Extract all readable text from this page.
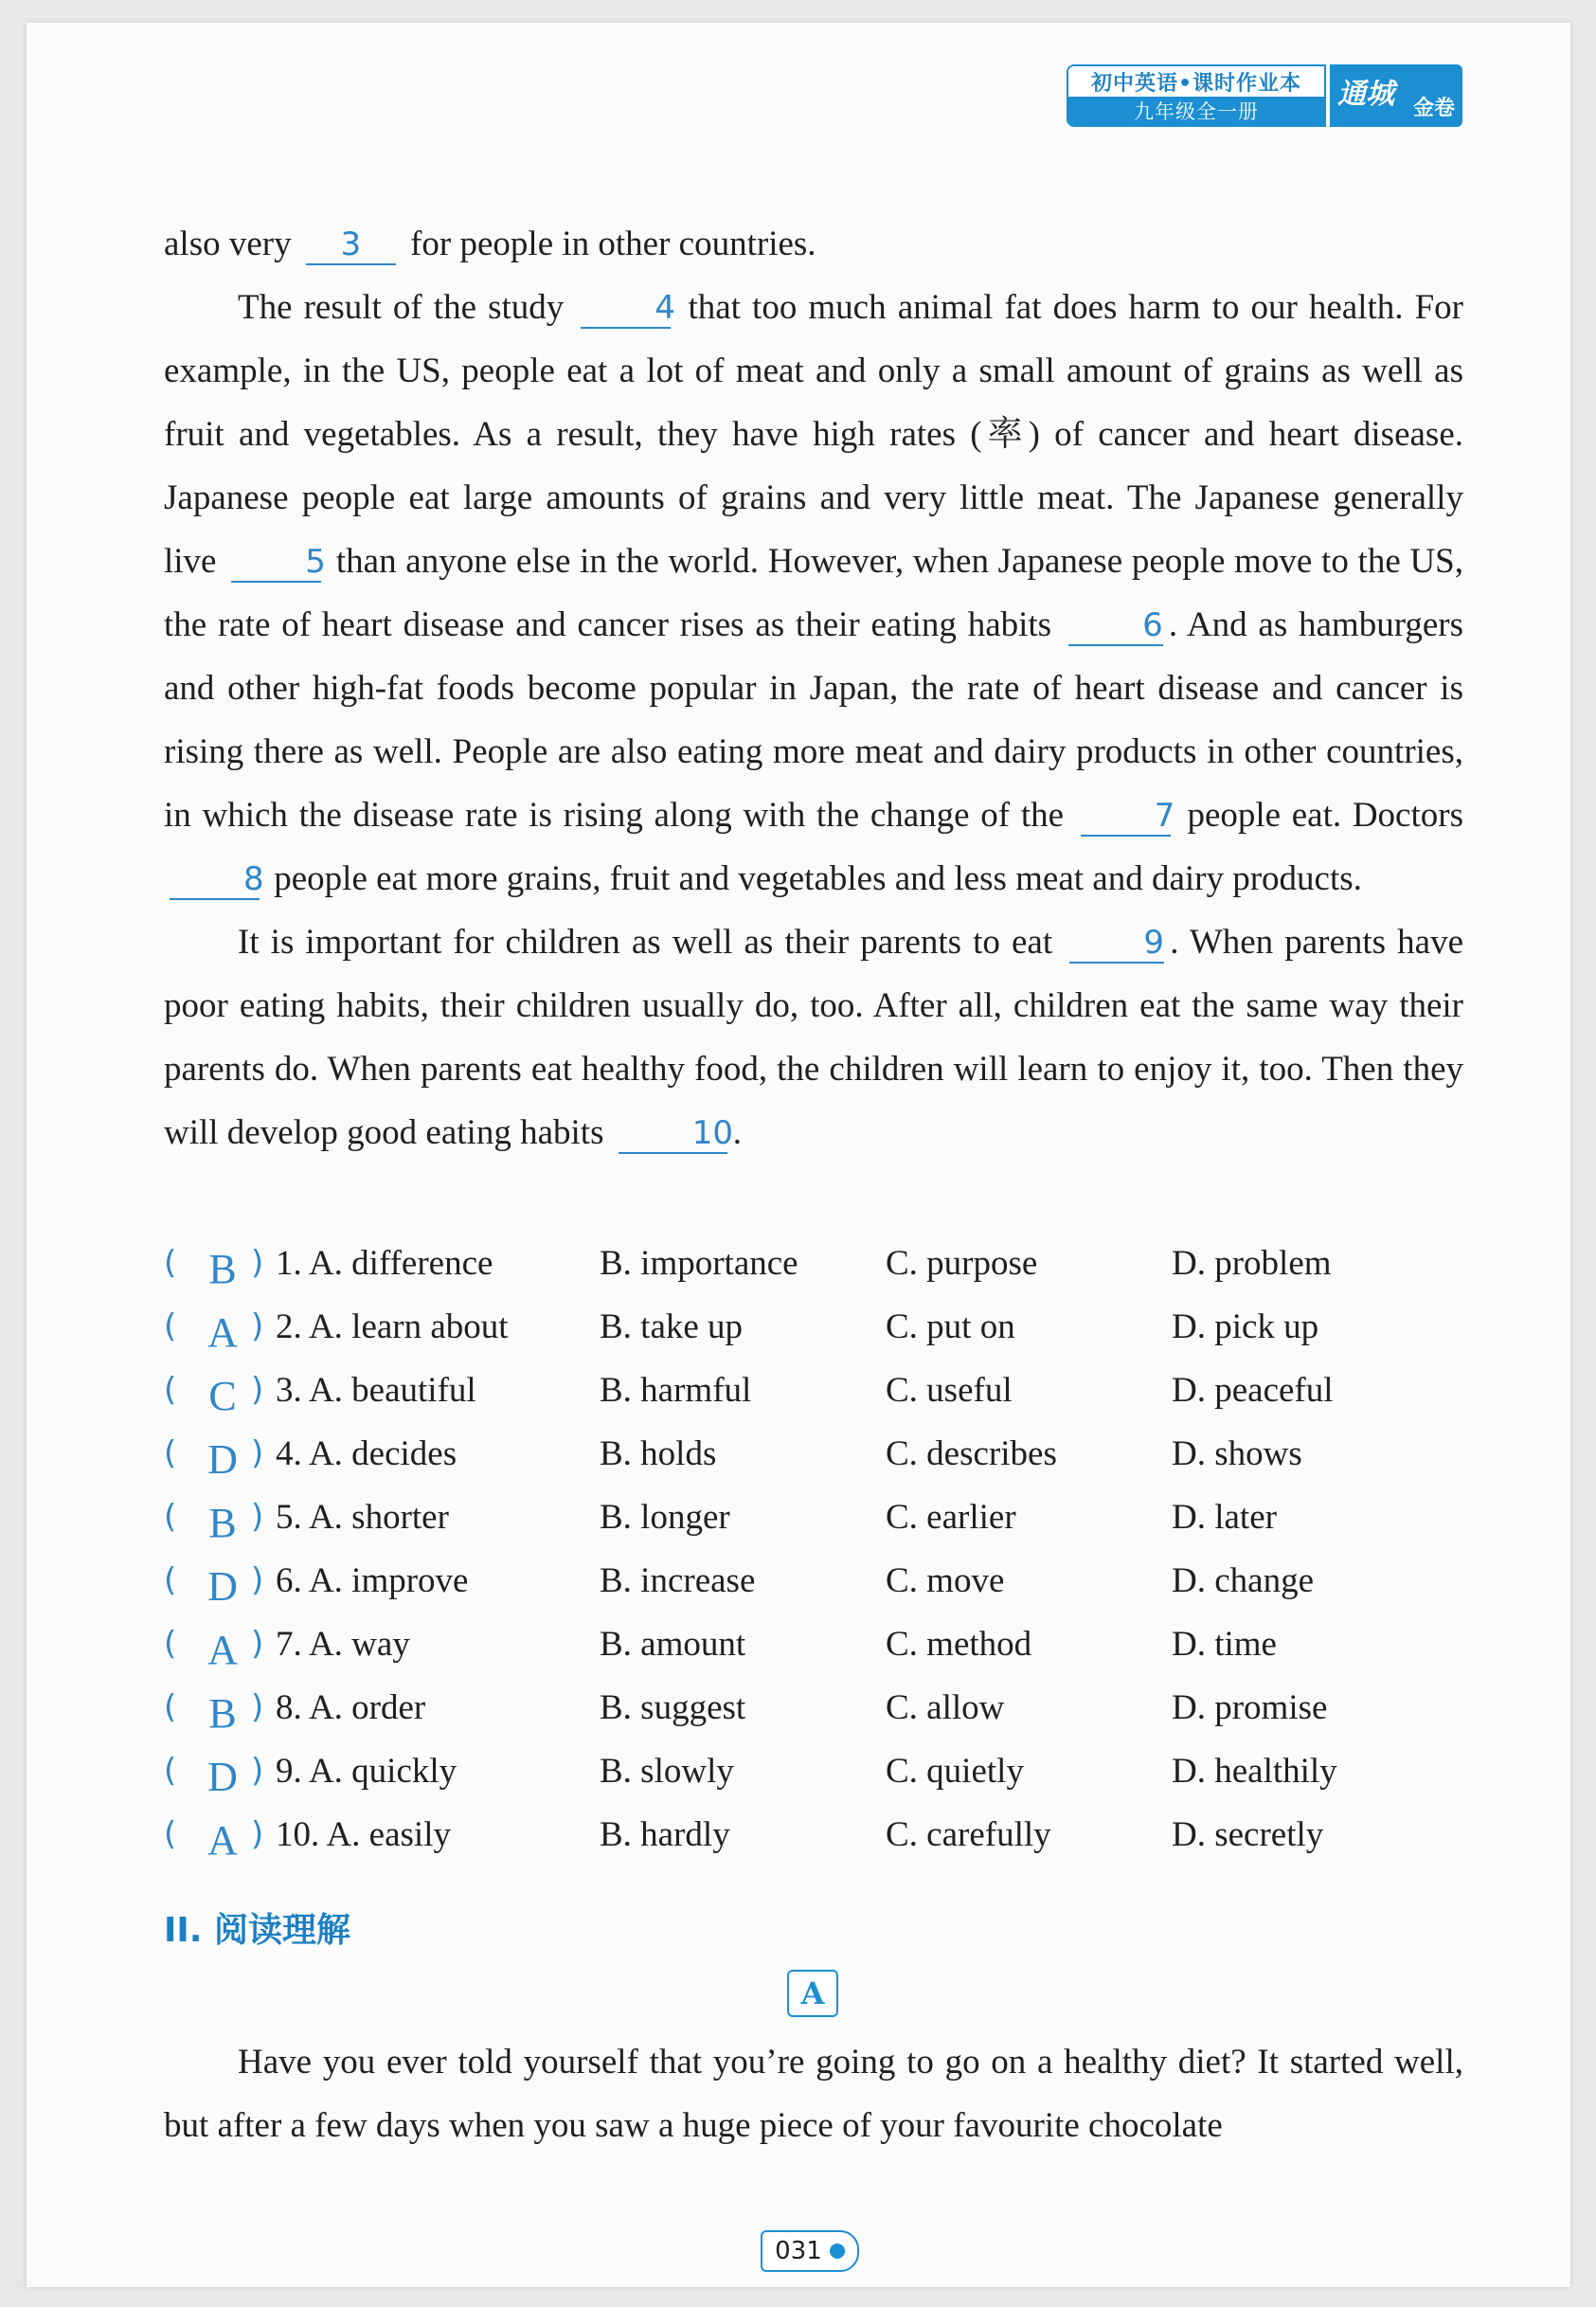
初中英语•课时作业本
九年级全一册
通城 金卷

also very 3 for people in other countries.

The result of the study	4 that too much animal fat does harm to our health. For example, in the US, people eat a lot of meat and only a small amount of grains as well as fruit and vegetables. As a result, they have high rates (率) of cancer and heart disease. Japanese people eat large amounts of grains and very little meat. The Japanese generally live	5 than anyone else in the world. However, when Japanese people move to the US, the rate of heart disease and cancer rises as their eating habits	6 . And as hamburgers and other high-fat foods become popular in Japan, the rate of heart disease and cancer is rising there as well. People are also eating more meat and dairy products in other countries, in which the disease rate is rising along with the change of the	7 people eat. Doctors 8 people eat more grains, fruit and vegetables and less meat and dairy products.

It is important for children as well as their parents to eat	9 . When parents have poor eating habits, their children usually do, too. After all, children eat the same way their parents do. When parents eat healthy food, the children will learn to enjoy it, too. Then they will develop good eating habits	10.

( B ) 1. A. difference	B. importance C. purpose	D. problem
( A ) 2. A. learn about	B. take up	C. put on	D. pick up
( C ) 3. A. beautiful	B. harmful	C. useful	D. peaceful
( D ) 4. A. decides	B. holds	C. describes	D. shows
( B ) 5. A. shorter	B. longer	C. earlier	D. later
( D ) 6. A. improve	B. increase	C. move	D. change
( A ) 7. A. way	B. amount	C. method	D. time
( B ) 8. A. order	B. suggest	C. allow	D. promise
( D ) 9. A. quickly	B. slowly	C. quietly	D. healthily
( A ) 10. A. easily	B. hardly	C. carefully	D. secretly
II. 阅读理解
A

Have you ever told yourself that you’re going to go on a healthy diet? It started well, but after a few days when you saw a huge piece of your favourite chocolate

031
